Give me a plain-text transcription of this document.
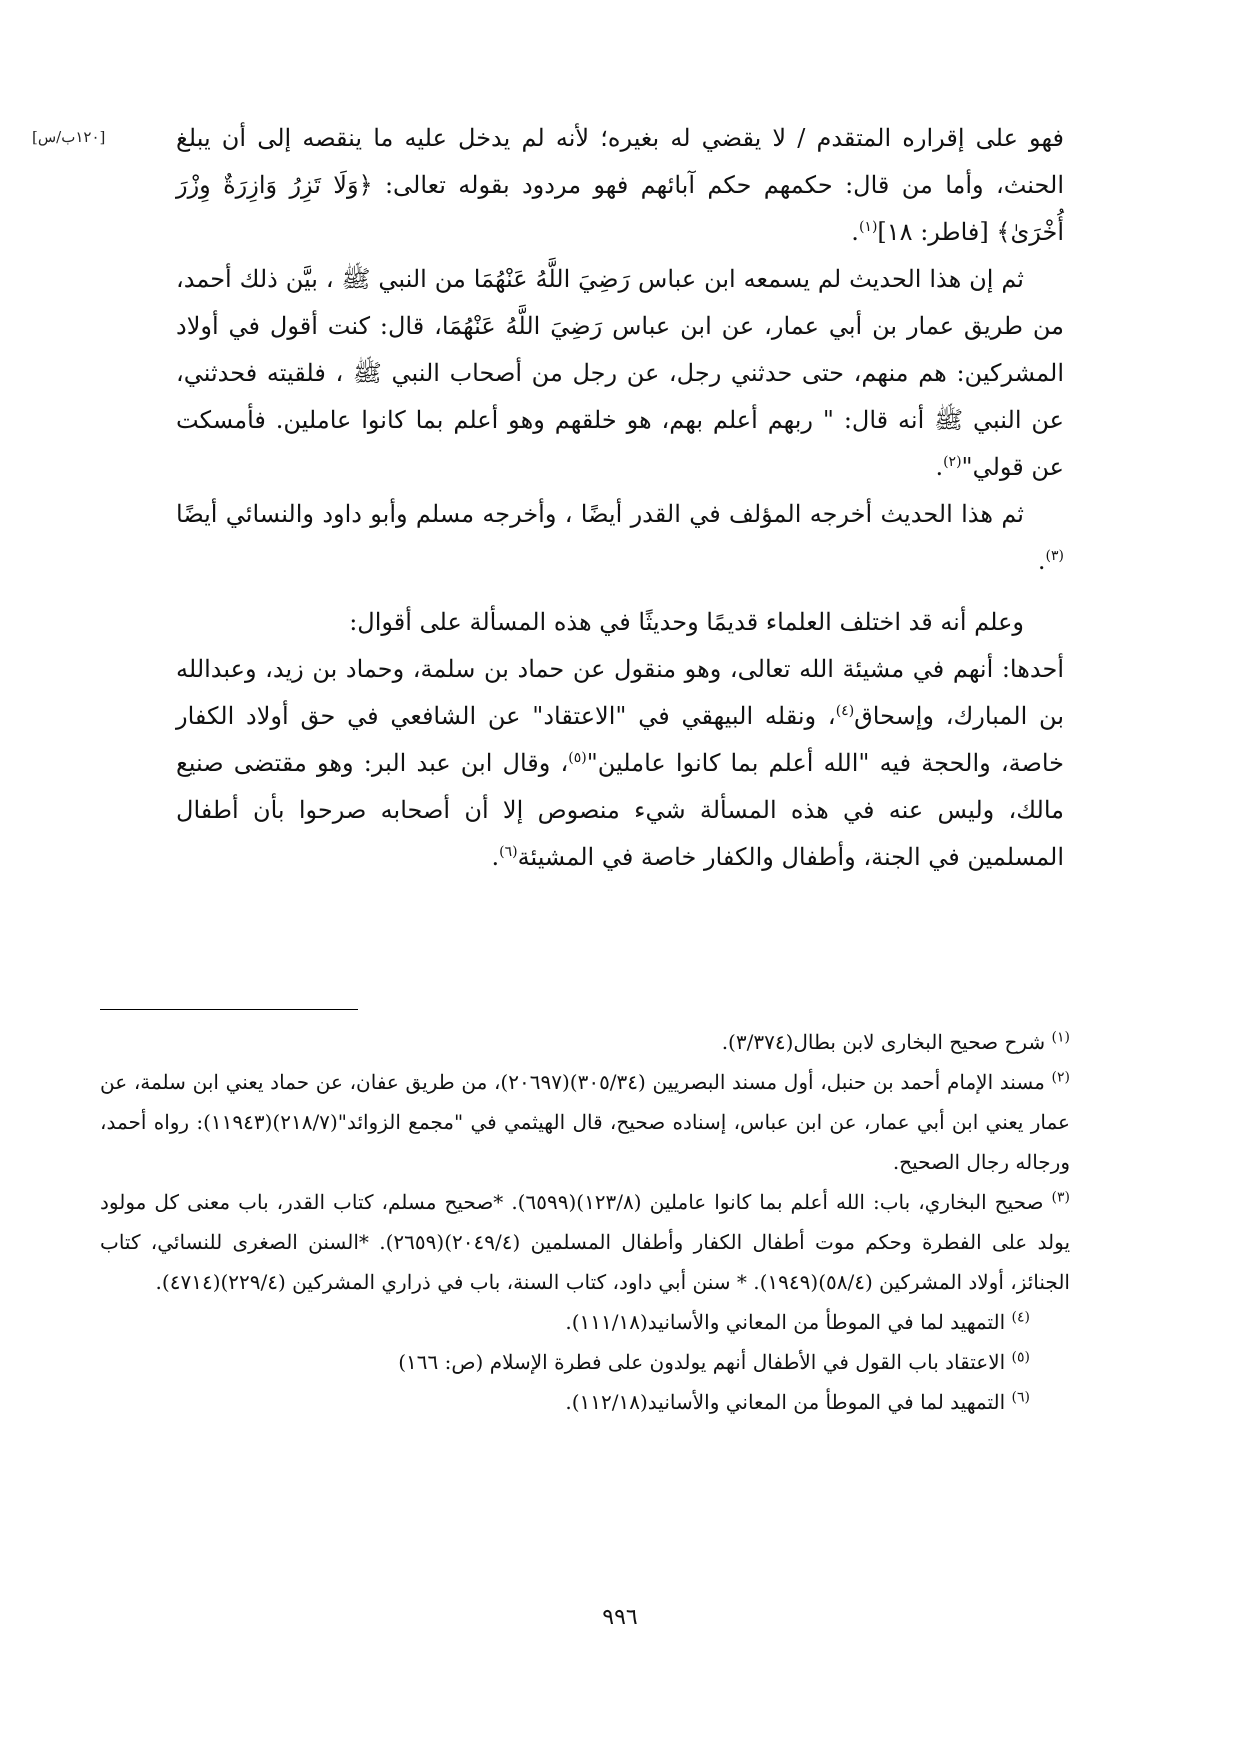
[١٢٠ب/س]	فهو على إقراره المتقدم / لا يقضي له بغيره؛ لأنه لم يدخل عليه ما ينقصه إلى أن يبلغ الحنث، وأما من قال: حكمهم حكم آبائهم فهو مردود بقوله تعالى: ﴿وَلَا تَزِرُ وَازِرَةٌ وِزْرَ أُخْرَىٰ﴾ [فاطر: ١٨]$^{(١)}$.

ثم إن هذا الحديث لم يسمعه ابن عباس رَضِيَ اللَّهُ عَنْهُمَا من النبي ﷺ ، بيَّن ذلك أحمد، من طريق عمار بن أبي عمار، عن ابن عباس رَضِيَ اللَّهُ عَنْهُمَا، قال: كنت أقول في أولاد المشركين: هم منهم، حتى حدثني رجل، عن رجل من أصحاب النبي ﷺ ، فلقيته فحدثني، عن النبي ﷺ أنه قال: " ربهم أعلم بهم، هو خلقهم وهو أعلم بما كانوا عاملين. فأمسكت عن قولي"$^{(٢)}$.

ثم هذا الحديث أخرجه المؤلف في القدر أيضًا ، وأخرجه مسلم وأبو داود والنسائي أيضًا $^{(٣)}$.

وعلم أنه قد اختلف العلماء قديمًا وحديثًا في هذه المسألة على أقوال:

أحدها: أنهم في مشيئة الله تعالى، وهو منقول عن حماد بن سلمة، وحماد بن زيد، وعبدالله بن المبارك، وإسحاق$^{(٤)}$، ونقله البيهقي في "الاعتقاد" عن الشافعي في حق أولاد الكفار خاصة، والحجة فيه "الله أعلم بما كانوا عاملين"$^{(٥)}$، وقال ابن عبد البر: وهو مقتضى صنيع مالك، وليس عنه في هذه المسألة شيء منصوص إلا أن أصحابه صرحوا بأن أطفال المسلمين في الجنة، وأطفال والكفار خاصة في المشيئة$^{(٦)}$.

$^{(١)}$ شرح صحيح البخارى لابن بطال(٣/٣٧٤).

$^{(٢)}$ مسند الإمام أحمد بن حنبل، أول مسند البصريين (٣٠٥/٣٤)(٢٠٦٩٧)، من طريق عفان، عن حماد يعني ابن سلمة، عن عمار يعني ابن أبي عمار، عن ابن عباس، إسناده صحيح، قال الهيثمي في "مجمع الزوائد"(٢١٨/٧)(١١٩٤٣): رواه أحمد، ورجاله رجال الصحيح.

$^{(٣)}$ صحيح البخاري، باب: الله أعلم بما كانوا عاملين (١٢٣/٨)(٦٥٩٩). *صحيح مسلم، كتاب القدر، باب معنى كل مولود يولد على الفطرة وحكم موت أطفال الكفار وأطفال المسلمين (٢٠٤٩/٤)(٢٦٥٩). *السنن الصغرى للنسائي، كتاب الجنائز، أولاد المشركين (٥٨/٤)(١٩٤٩). * سنن أبي داود، كتاب السنة، باب في ذراري المشركين (٢٢٩/٤)(٤٧١٤).

$^{(٤)}$ التمهيد لما في الموطأ من المعاني والأسانيد(١١١/١٨).

$^{(٥)}$ الاعتقاد باب القول في الأطفال أنهم يولدون على فطرة الإسلام (ص: ١٦٦)

$^{(٦)}$ التمهيد لما في الموطأ من المعاني والأسانيد(١١٢/١٨).

٩٩٦
